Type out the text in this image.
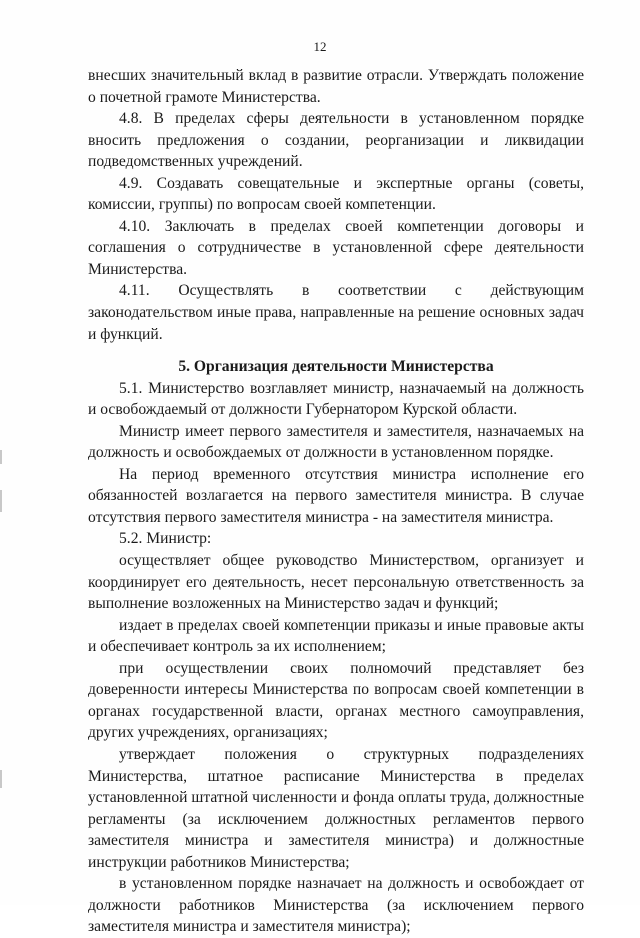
12

внесших значительный вклад в развитие отрасли. Утверждать положение о почетной грамоте Министерства.

4.8. В пределах сферы деятельности в установленном порядке вносить предложения о создании, реорганизации и ликвидации подведомственных учреждений.

4.9. Создавать совещательные и экспертные органы (советы, комиссии, группы) по вопросам своей компетенции.

4.10. Заключать в пределах своей компетенции договоры и соглашения о сотрудничестве в установленной сфере деятельности Министерства.

4.11. Осуществлять в соответствии с действующим законодательством иные права, направленные на решение основных задач и функций.

5. Организация деятельности Министерства

5.1. Министерство возглавляет министр, назначаемый на должность и освобождаемый от должности Губернатором Курской области.

Министр имеет первого заместителя и заместителя, назначаемых на должность и освобождаемых от должности в установленном порядке.

На период временного отсутствия министра исполнение его обязанностей возлагается на первого заместителя министра. В случае отсутствия первого заместителя министра - на заместителя министра.

5.2. Министр:

осуществляет общее руководство Министерством, организует и координирует его деятельность, несет персональную ответственность за выполнение возложенных на Министерство задач и функций;

издает в пределах своей компетенции приказы и иные правовые акты и обеспечивает контроль за их исполнением;

при осуществлении своих полномочий представляет без доверенности интересы Министерства по вопросам своей компетенции в органах государственной власти, органах местного самоуправления, других учреждениях, организациях;

утверждает положения о структурных подразделениях Министерства, штатное расписание Министерства в пределах установленной штатной численности и фонда оплаты труда, должностные регламенты (за исключением должностных регламентов первого заместителя министра и заместителя министра) и должностные инструкции работников Министерства;

в установленном порядке назначает на должность и освобождает от должности работников Министерства (за исключением первого заместителя министра и заместителя министра);
